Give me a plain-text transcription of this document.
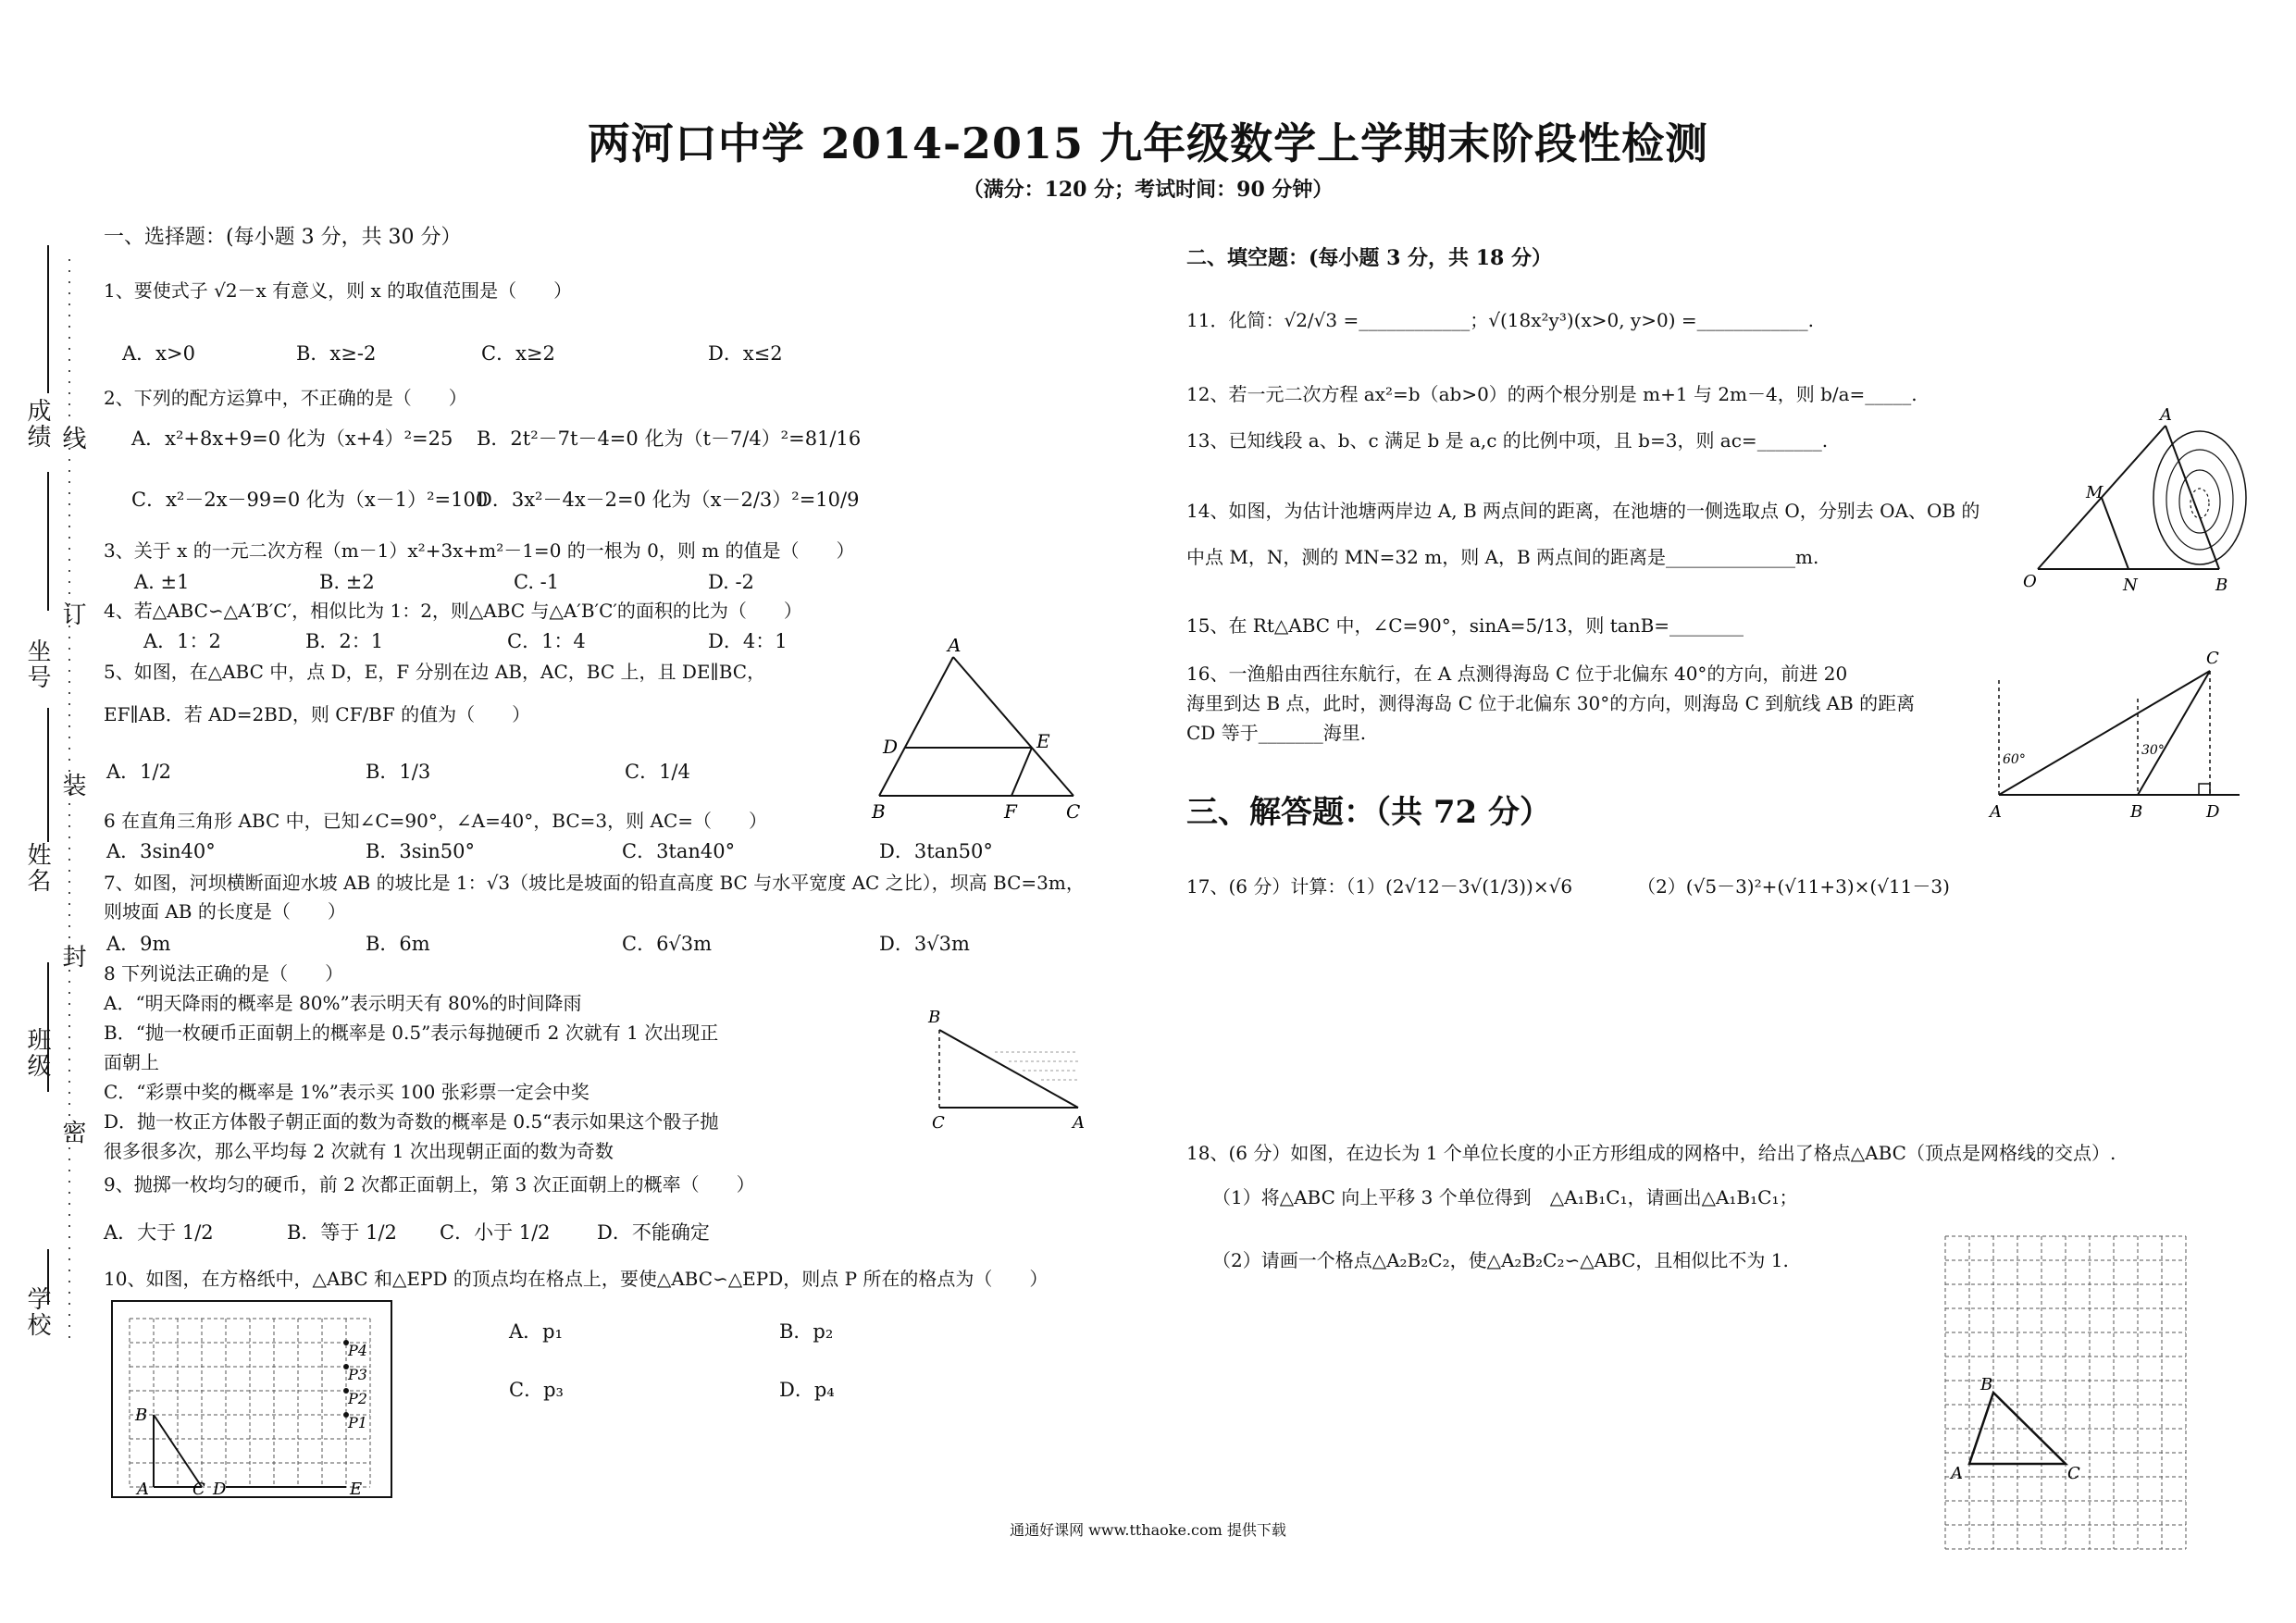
两河口中学 2014-2015 九年级数学上学期末阶段性检测
（满分：120 分；考试时间：90 分钟）
成绩
坐号
姓名
班级
学校
线
订
装
封
密
一、选择题：(每小题 3 分，共 30 分）
1、要使式子 √2－x 有意义，则 x 的取值范围是（　　）
A．x>0	B．x≥-2	C．x≥2	D．x≤2
2、下列的配方运算中，不正确的是（　　）
A．x²+8x+9=0 化为（x+4）²=25 B．2t²－7t－4=0 化为（t－7/4）²=81/16
C．x²－2x－99=0 化为（x－1）²=100
D．3x²－4x－2=0 化为（x－2/3）²=10/9
3、关于 x 的一元二次方程（m－1）x²+3x+m²－1=0 的一根为 0，则 m 的值是（　　）
A. ±1	B. ±2	C. -1	D. -2
4、若△ABC∽△A′B′C′，相似比为 1：2，则△ABC 与△A′B′C′的面积的比为（　　）
A．1：2	B．2：1	C．1：4	D．4：1
5、如图，在△ABC 中，点 D，E，F 分别在边 AB，AC，BC 上，且 DE∥BC，
EF∥AB．若 AD=2BD，则 CF/BF 的值为（　　）
A．1/2	B．1/3	C．1/4
A
D	E
B	F	C
6 在直角三角形 ABC 中，已知∠C=90°，∠A=40°，BC=3，则 AC=（　　）
A．3sin40°	B．3sin50°	C．3tan40°	D．3tan50°
7、如图，河坝横断面迎水坡 AB 的坡比是 1：√3（坡比是坡面的铅直高度 BC 与水平宽度 AC 之比），坝高 BC=3m，
则坡面 AB 的长度是（　　）
A．9m	B．6m	C．6√3m	D．3√3m
8 下列说法正确的是（　　）
A．“明天降雨的概率是 80%”表示明天有 80%的时间降雨
B．“抛一枚硬币正面朝上的概率是 0.5”表示每抛硬币 2 次就有 1 次出现正
面朝上
C．“彩票中奖的概率是 1%”表示买 100 张彩票一定会中奖
D．抛一枚正方体骰子朝正面的数为奇数的概率是 0.5“表示如果这个骰子抛
很多很多次，那么平均每 2 次就有 1 次出现朝正面的数为奇数
B
C	A
9、抛掷一枚均匀的硬币，前 2 次都正面朝上，第 3 次正面朝上的概率（　　）
A．大于 1/2	B．等于 1/2 C．小于 1/2 D．不能确定
10、如图，在方格纸中，△ABC 和△EPD 的顶点均在格点上，要使△ABC∽△EPD，则点 P 所在的格点为（　　）
A．p₁	B．p₂
C．p₃	D．p₄
P4
P3
P2
P1
B
A	C D	E
二、填空题：(每小题 3 分，共 18 分）
11．化简：√2/√3 =____________；√(18x²y³)(x>0, y>0) =____________.
12、若一元二次方程 ax²=b（ab>0）的两个根分别是 m+1 与 2m－4，则 b/a=_____.
13、已知线段 a、b、c 满足 b 是 a,c 的比例中项，且 b=3，则 ac=_______.
14、如图，为估计池塘两岸边 A, B 两点间的距离，在池塘的一侧选取点 O，分别去 OA、OB 的
中点 M，N，测的 MN=32 m，则 A，B 两点间的距离是______________m.
A
M
O	N	B
15、在 Rt△ABC 中，∠C=90°，sinA=5/13，则 tanB=________
16、一渔船由西往东航行，在 A 点测得海岛 C 位于北偏东 40°的方向，前进 20
海里到达 B 点，此时，测得海岛 C 位于北偏东 30°的方向，则海岛 C 到航线 AB 的距离
CD 等于_______海里.
C
60°
30°
A	B	D
三、解答题：（共 72 分）
17、(6 分）计算：（1）(2√12－3√(1/3))×√6　　　　（2）(√5－3)²+(√11+3)×(√11－3)
18、(6 分）如图，在边长为 1 个单位长度的小正方形组成的网格中，给出了格点△ABC（顶点是网格线的交点）.
（1）将△ABC 向上平移 3 个单位得到　△A₁B₁C₁，请画出△A₁B₁C₁；
（2）请画一个格点△A₂B₂C₂，使△A₂B₂C₂∽△ABC，且相似比不为 1.
B
A	C
通通好课网 www.tthaoke.com 提供下载
